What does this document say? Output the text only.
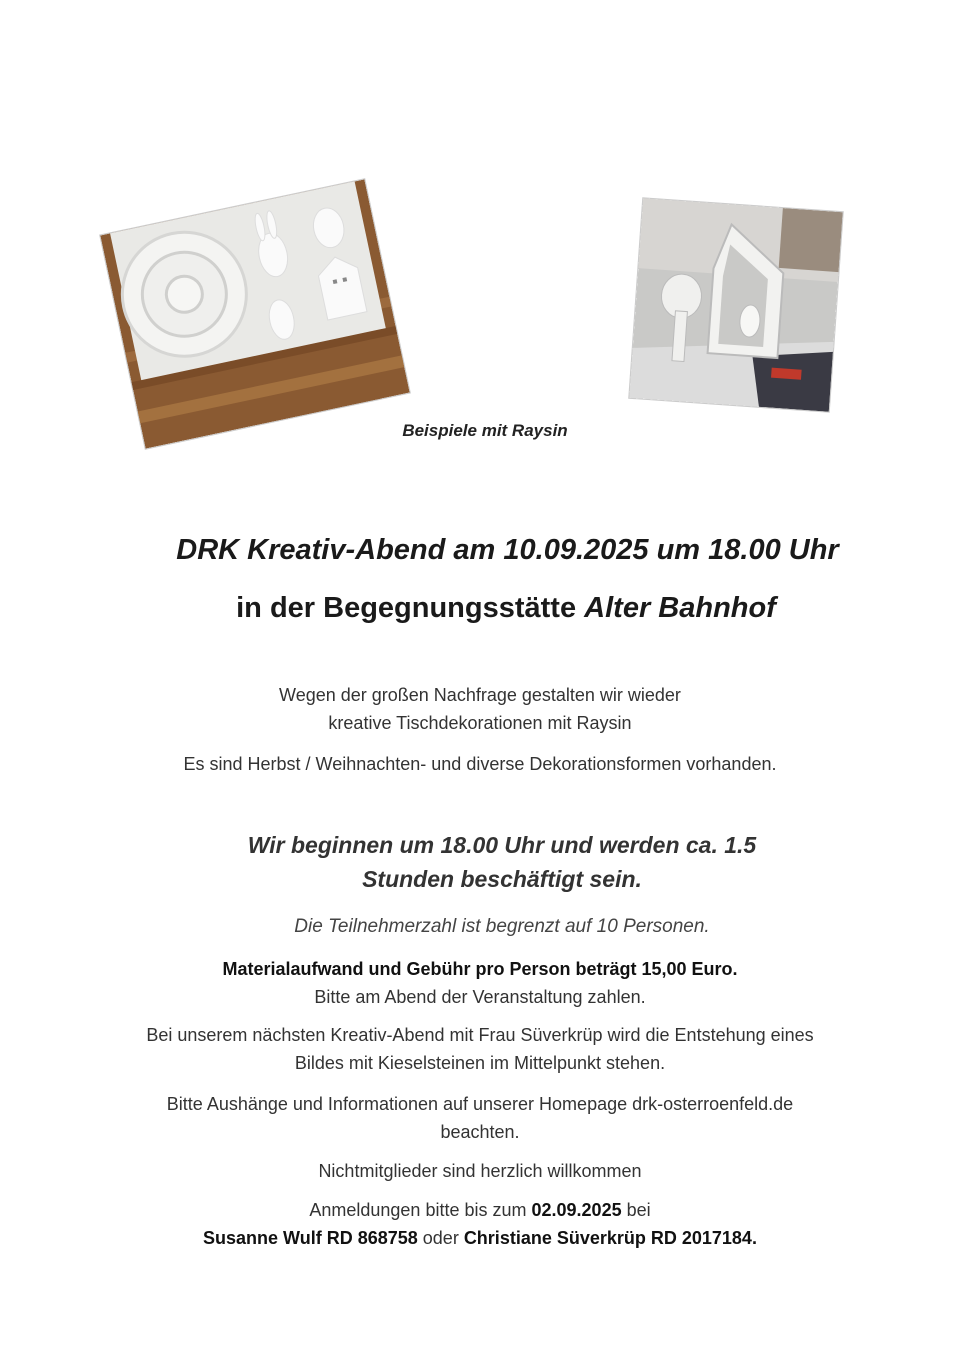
Beispiele mit Raysin
DRK Kreativ-Abend am 10.09.2025 um 18.00 Uhr
in der Begegnungsstätte Alter Bahnhof
Wegen der großen Nachfrage gestalten wir wieder
kreative Tischdekorationen mit Raysin
Es sind Herbst / Weihnachten- und diverse Dekorationsformen vorhanden.
Wir beginnen um 18.00 Uhr und werden ca. 1.5
Stunden beschäftigt sein.
Die Teilnehmerzahl ist begrenzt auf 10 Personen.
Materialaufwand und Gebühr pro Person beträgt 15,00 Euro.
Bitte am Abend der Veranstaltung zahlen.
Bei unserem nächsten Kreativ-Abend mit Frau Süverkrüp wird die Entstehung eines
Bildes mit Kieselsteinen im Mittelpunkt stehen.
Bitte Aushänge und Informationen auf unserer Homepage drk-osterroenfeld.de
beachten.
Nichtmitglieder sind herzlich willkommen
Anmeldungen bitte bis zum 02.09.2025 bei
Susanne Wulf RD 868758 oder Christiane Süverkrüp RD 2017184.
